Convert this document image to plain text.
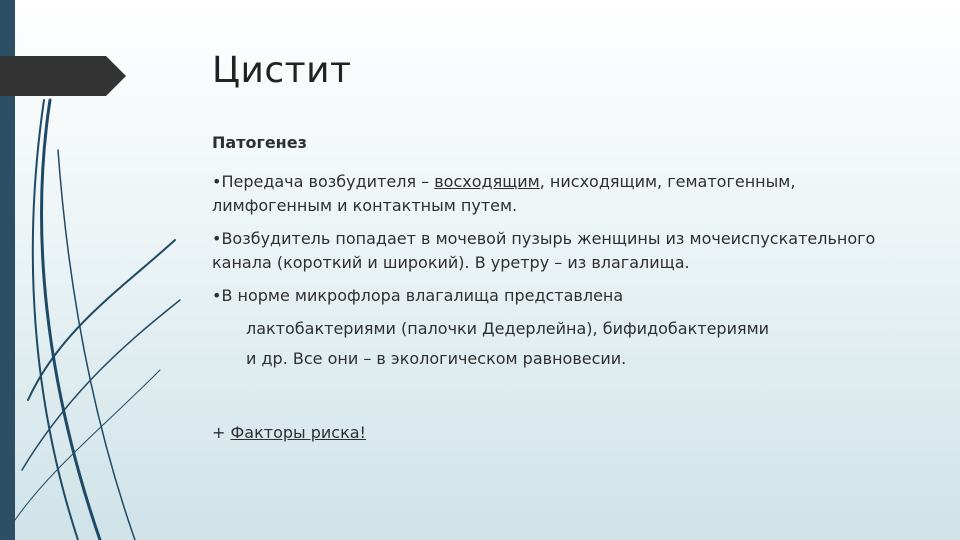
Цистит

Патогенез

•Передача возбудителя – восходящим, нисходящим, гематогенным, лимфогенным и контактным путем.

•Возбудитель попадает в мочевой пузырь женщины из мочеиспускательного канала (короткий и широкий). В уретру – из влагалища.

•В норме микрофлора влагалища представлена

лактобактериями (палочки Дедерлейна), бифидобактериями

и др. Все они – в экологическом равновесии.

+ Факторы риска!
